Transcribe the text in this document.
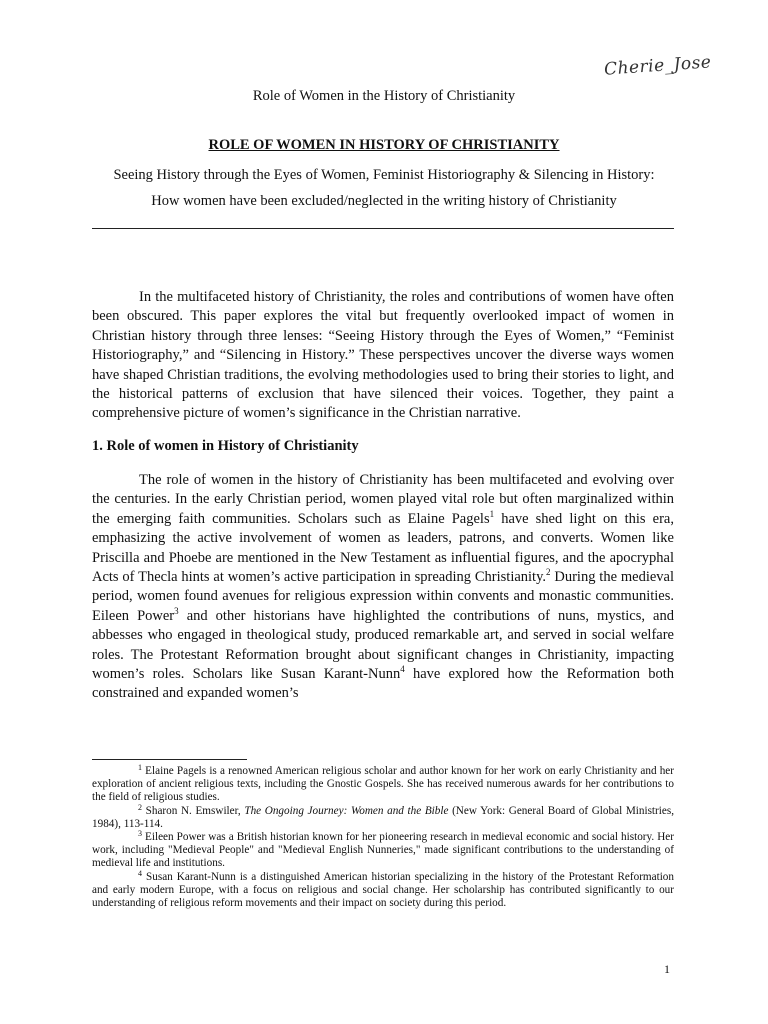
Cherie_Jose
Role of Women in the History of Christianity
ROLE OF WOMEN IN HISTORY OF CHRISTIANITY
Seeing History through the Eyes of Women, Feminist Historiography & Silencing in History:
How women have been excluded/neglected in the writing history of Christianity

In the multifaceted history of Christianity, the roles and contributions of women have often been obscured. This paper explores the vital but frequently overlooked impact of women in Christian history through three lenses: “Seeing History through the Eyes of Women,” “Feminist Historiography,” and “Silencing in History.” These perspectives uncover the diverse ways women have shaped Christian traditions, the evolving methodologies used to bring their stories to light, and the historical patterns of exclusion that have silenced their voices. Together, they paint a comprehensive picture of women’s significance in the Christian narrative.

1. Role of women in History of Christianity

The role of women in the history of Christianity has been multifaceted and evolving over the centuries. In the early Christian period, women played vital role but often marginalized within the emerging faith communities. Scholars such as Elaine Pagels$^1$ have shed light on this era, emphasizing the active involvement of women as leaders, patrons, and converts. Women like Priscilla and Phoebe are mentioned in the New Testament as influential figures, and the apocryphal Acts of Thecla hints at women’s active participation in spreading Christianity.$^2$ During the medieval period, women found avenues for religious expression within convents and monastic communities. Eileen Power$^3$ and other historians have highlighted the contributions of nuns, mystics, and abbesses who engaged in theological study, produced remarkable art, and served in social welfare roles. The Protestant Reformation brought about significant changes in Christianity, impacting women’s roles. Scholars like Susan Karant-Nunn$^4$ have explored how the Reformation both constrained and expanded women’s

$^1$ Elaine Pagels is a renowned American religious scholar and author known for her work on early Christianity and her exploration of ancient religious texts, including the Gnostic Gospels. She has received numerous awards for her contributions to the field of religious studies.

$^2$ Sharon N. Emswiler, The Ongoing Journey: Women and the Bible (New York: General Board of Global Ministries, 1984), 113-114.

$^3$ Eileen Power was a British historian known for her pioneering research in medieval economic and social history. Her work, including "Medieval People" and "Medieval English Nunneries," made significant contributions to the understanding of medieval life and institutions.

$^4$ Susan Karant-Nunn is a distinguished American historian specializing in the history of the Protestant Reformation and early modern Europe, with a focus on religious and social change. Her scholarship has contributed significantly to our understanding of religious reform movements and their impact on society during this period.

1
